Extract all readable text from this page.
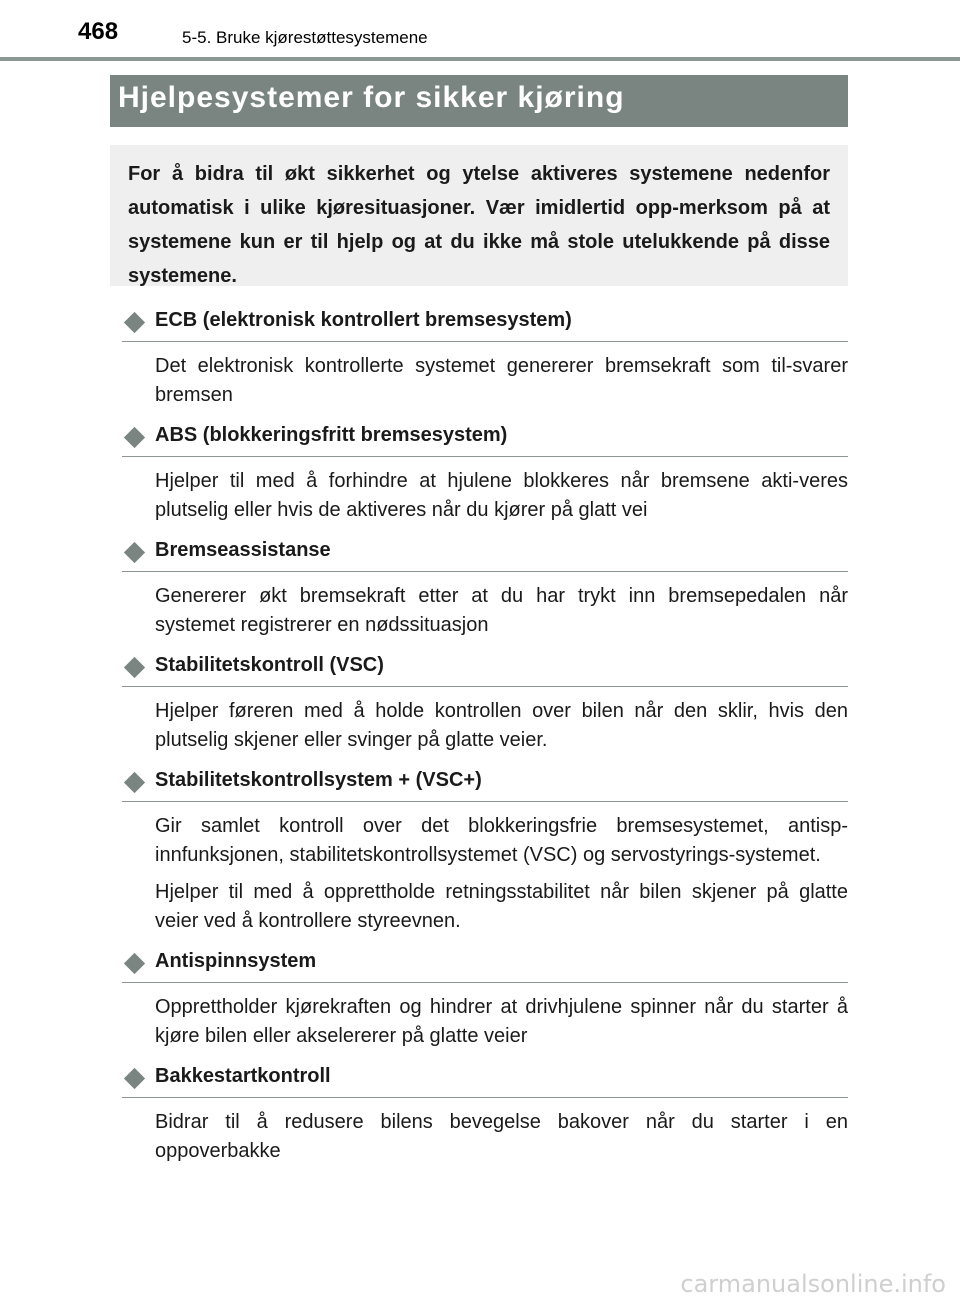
468	5-5. Bruke kjørestøttesystemene
Hjelpesystemer for sikker kjøring

For å bidra til økt sikkerhet og ytelse aktiveres systemene nedenfor automatisk i ulike kjøresituasjoner. Vær imidlertid opp-merksom på at systemene kun er til hjelp og at du ikke må stole utelukkende på disse systemene.

ECB (elektronisk kontrollert bremsesystem)

Det elektronisk kontrollerte systemet genererer bremsekraft som til-svarer bremsen

ABS (blokkeringsfritt bremsesystem)

Hjelper til med å forhindre at hjulene blokkeres når bremsene akti-veres plutselig eller hvis de aktiveres når du kjører på glatt vei

Bremseassistanse

Genererer økt bremsekraft etter at du har trykt inn bremsepedalen når systemet registrerer en nødssituasjon

Stabilitetskontroll (VSC)

Hjelper føreren med å holde kontrollen over bilen når den sklir, hvis den plutselig skjener eller svinger på glatte veier.

Stabilitetskontrollsystem + (VSC+)

Gir samlet kontroll over det blokkeringsfrie bremsesystemet, antisp-innfunksjonen, stabilitetskontrollsystemet (VSC) og servostyrings-systemet.

Hjelper til med å opprettholde retningsstabilitet når bilen skjener på glatte veier ved å kontrollere styreevnen.

Antispinnsystem

Opprettholder kjørekraften og hindrer at drivhjulene spinner når du starter å kjøre bilen eller akselererer på glatte veier

Bakkestartkontroll

Bidrar til å redusere bilens bevegelse bakover når du starter i en oppoverbakke

carmanualsonline.info
